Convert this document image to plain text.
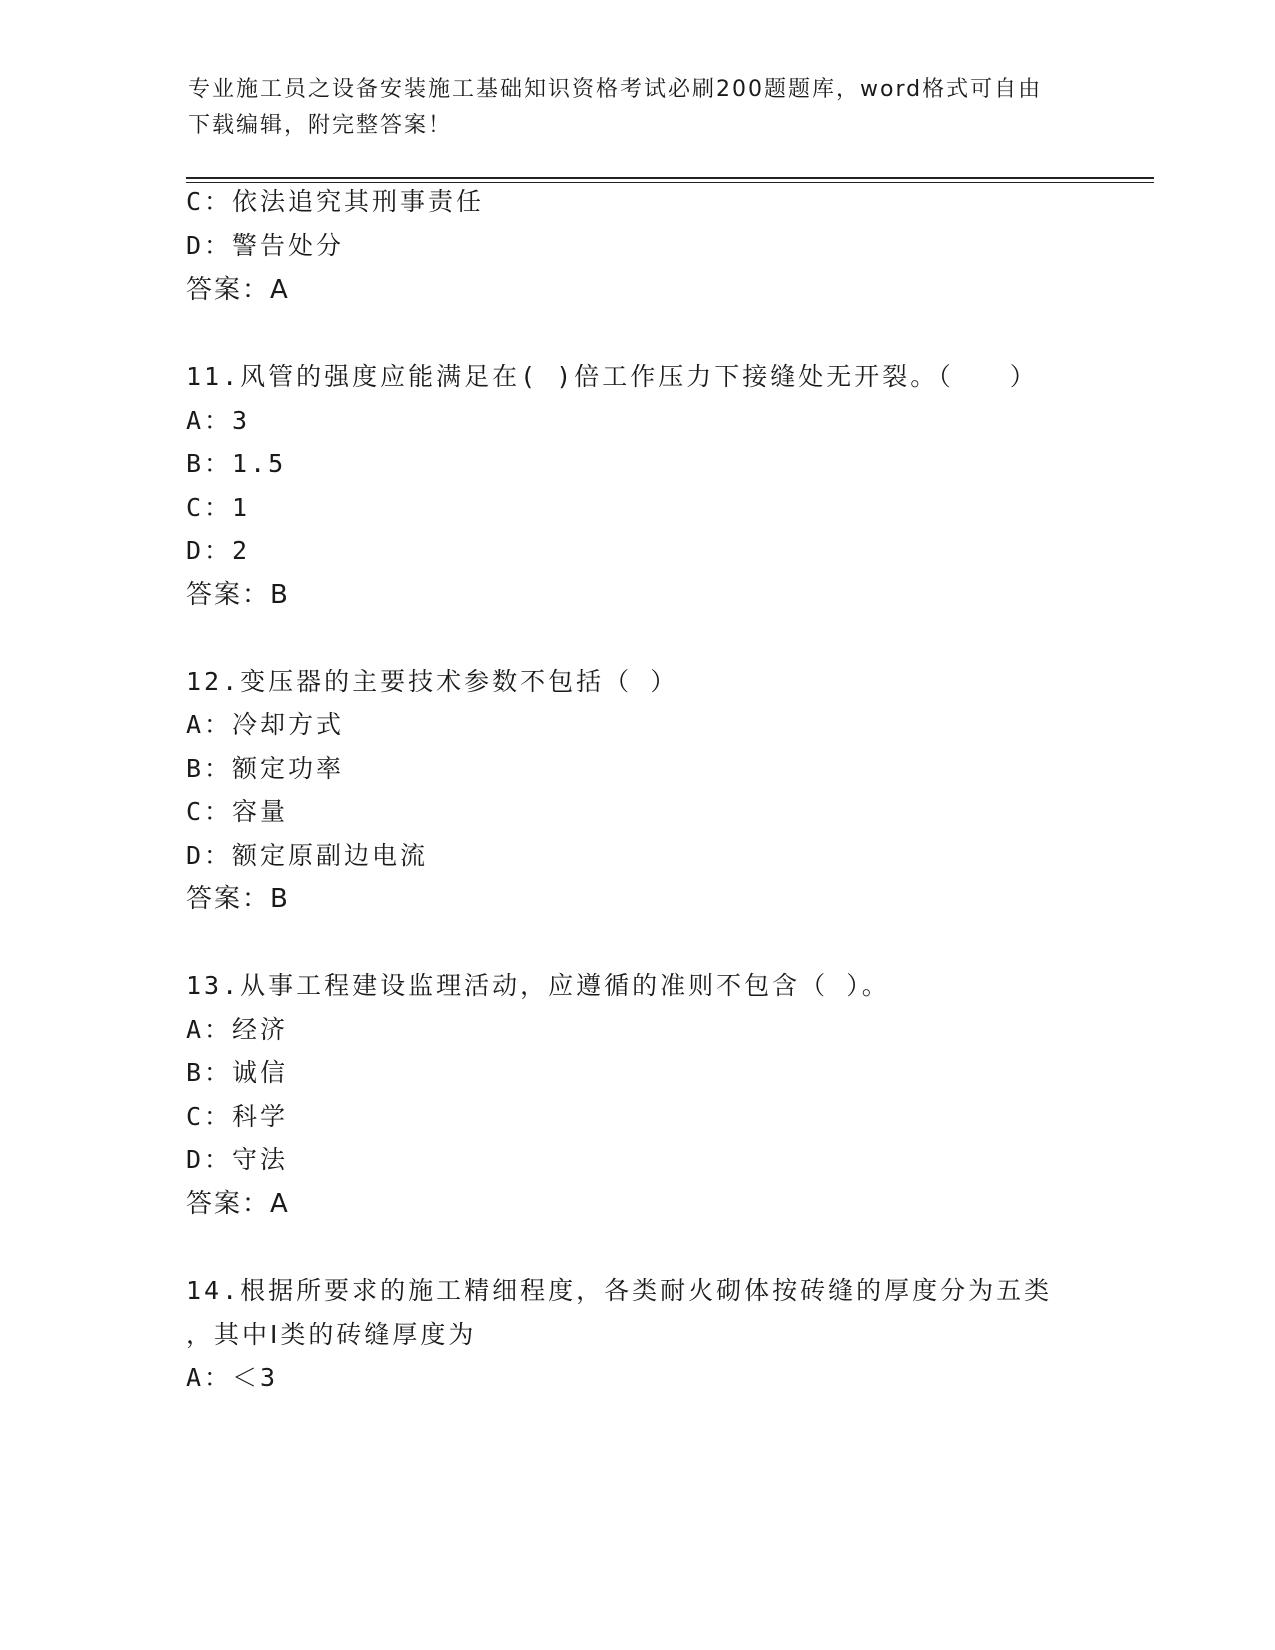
专业施工员之设备安装施工基础知识资格考试必刷200题题库，word格式可自由
下载编辑，附完整答案！
C：依法追究其刑事责任
D：警告处分
答案：A
11.风管的强度应能满足在( )倍工作压力下接缝处无开裂。（　　）
A：3
B：1.5
C：1
D：2
答案：B
12.变压器的主要技术参数不包括（ ）
A：冷却方式
B：额定功率
C：容量
D：额定原副边电流
答案：B
13.从事工程建设监理活动，应遵循的准则不包含（ ）。
A：经济
B：诚信
C：科学
D：守法
答案：A
14.根据所要求的施工精细程度，各类耐火砌体按砖缝的厚度分为五类
，其中Ⅰ类的砖缝厚度为
A：＜3
